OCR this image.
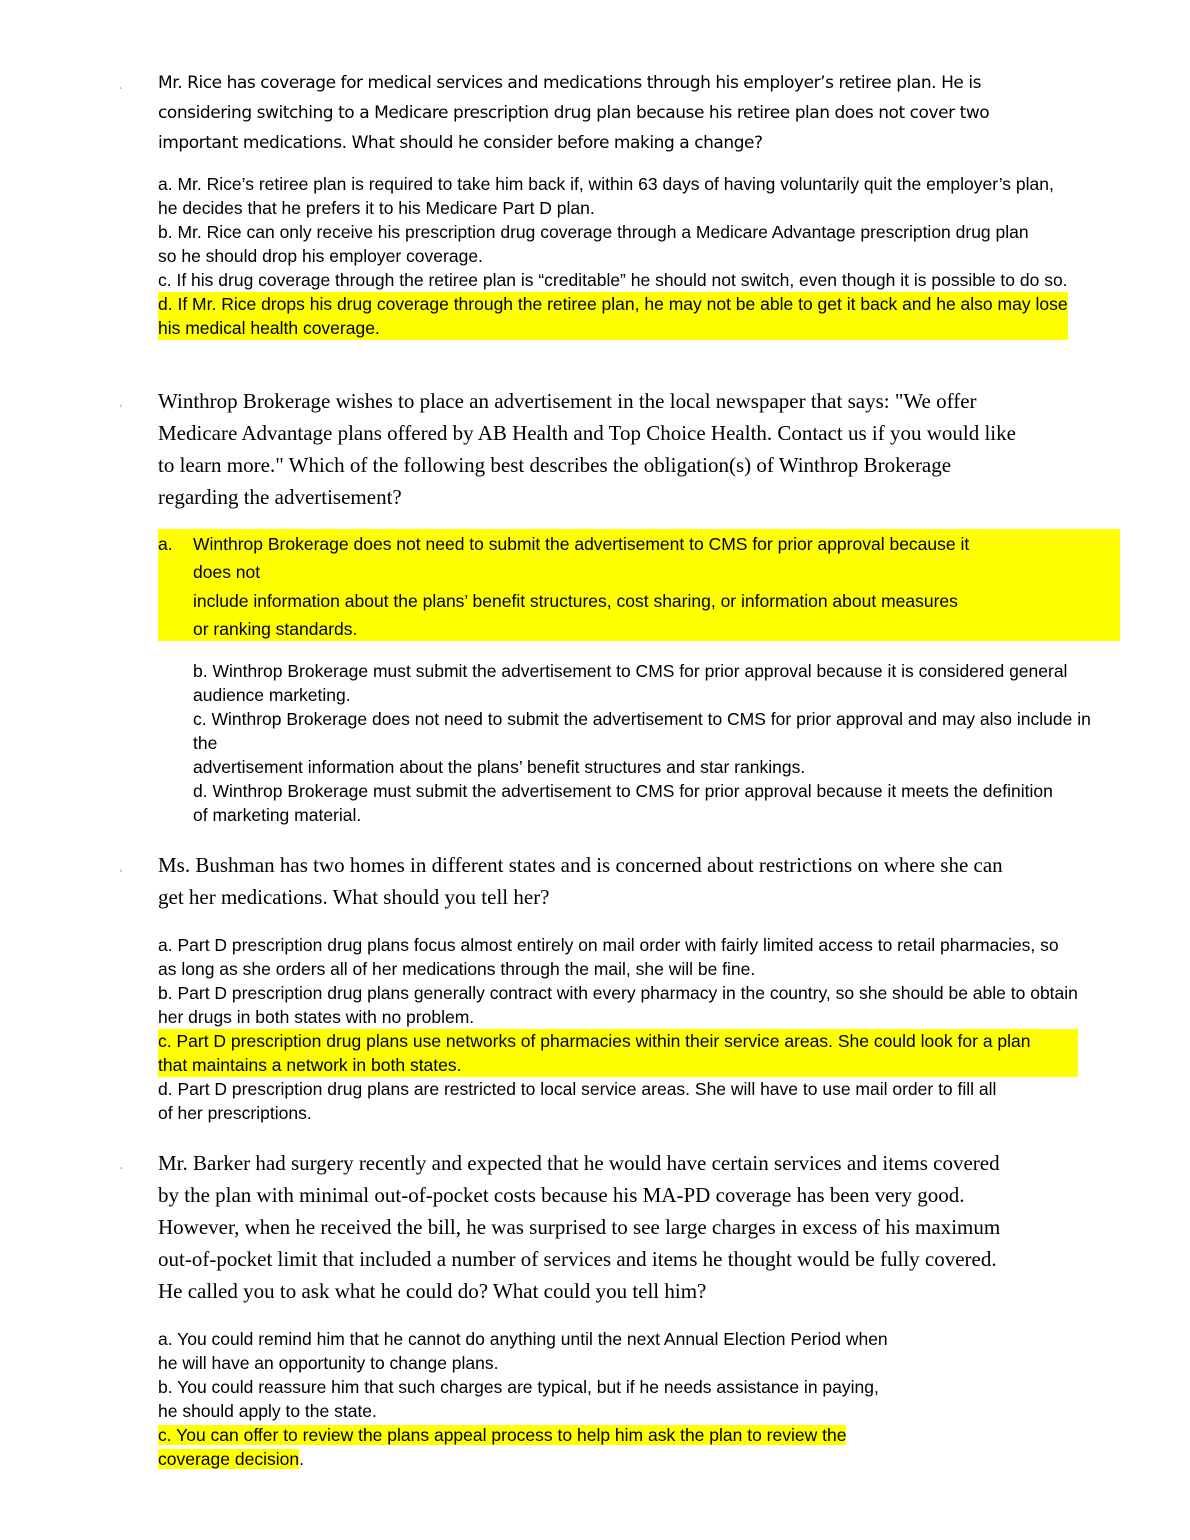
¹ Mr. Rice has coverage for medical services and medications through his employer’s retiree plan. He is
considering switching to a Medicare prescription drug plan because his retiree plan does not cover two
important medications. What should he consider before making a change?
a. Mr. Rice’s retiree plan is required to take him back if, within 63 days of having voluntarily quit the employer’s plan,
he decides that he prefers it to his Medicare Part D plan.
b. Mr. Rice can only receive his prescription drug coverage through a Medicare Advantage prescription drug plan
so he should drop his employer coverage.
c. If his drug coverage through the retiree plan is “creditable” he should not switch, even though it is possible to do so.
d. If Mr. Rice drops his drug coverage through the retiree plan, he may not be able to get it back and he also may lose
his medical health coverage.
² Winthrop Brokerage wishes to place an advertisement in the local newspaper that says: "We offer
Medicare Advantage plans offered by AB Health and Top Choice Health. Contact us if you would like
to learn more." Which of the following best describes the obligation(s) of Winthrop Brokerage
regarding the advertisement?
a. Winthrop Brokerage does not need to submit the advertisement to CMS for prior approval because it
does not
include information about the plans’ benefit structures, cost sharing, or information about measures
or ranking standards.
b. Winthrop Brokerage must submit the advertisement to CMS for prior approval because it is considered general
audience marketing.
c. Winthrop Brokerage does not need to submit the advertisement to CMS for prior approval and may also include in
the
advertisement information about the plans’ benefit structures and star rankings.
d. Winthrop Brokerage must submit the advertisement to CMS for prior approval because it meets the definition
of marketing material.
³ Ms. Bushman has two homes in different states and is concerned about restrictions on where she can
get her medications. What should you tell her?
a. Part D prescription drug plans focus almost entirely on mail order with fairly limited access to retail pharmacies, so
as long as she orders all of her medications through the mail, she will be fine.
b. Part D prescription drug plans generally contract with every pharmacy in the country, so she should be able to obtain
her drugs in both states with no problem.
c. Part D prescription drug plans use networks of pharmacies within their service areas. She could look for a plan
that maintains a network in both states.
d. Part D prescription drug plans are restricted to local service areas. She will have to use mail order to fill all
of her prescriptions.
⁴ Mr. Barker had surgery recently and expected that he would have certain services and items covered
by the plan with minimal out-of-pocket costs because his MA-PD coverage has been very good.
However, when he received the bill, he was surprised to see large charges in excess of his maximum
out-of-pocket limit that included a number of services and items he thought would be fully covered.
He called you to ask what he could do? What could you tell him?
a. You could remind him that he cannot do anything until the next Annual Election Period when
he will have an opportunity to change plans.
b. You could reassure him that such charges are typical, but if he needs assistance in paying,
he should apply to the state.
c. You can offer to review the plans appeal process to help him ask the plan to review the
coverage decision.
